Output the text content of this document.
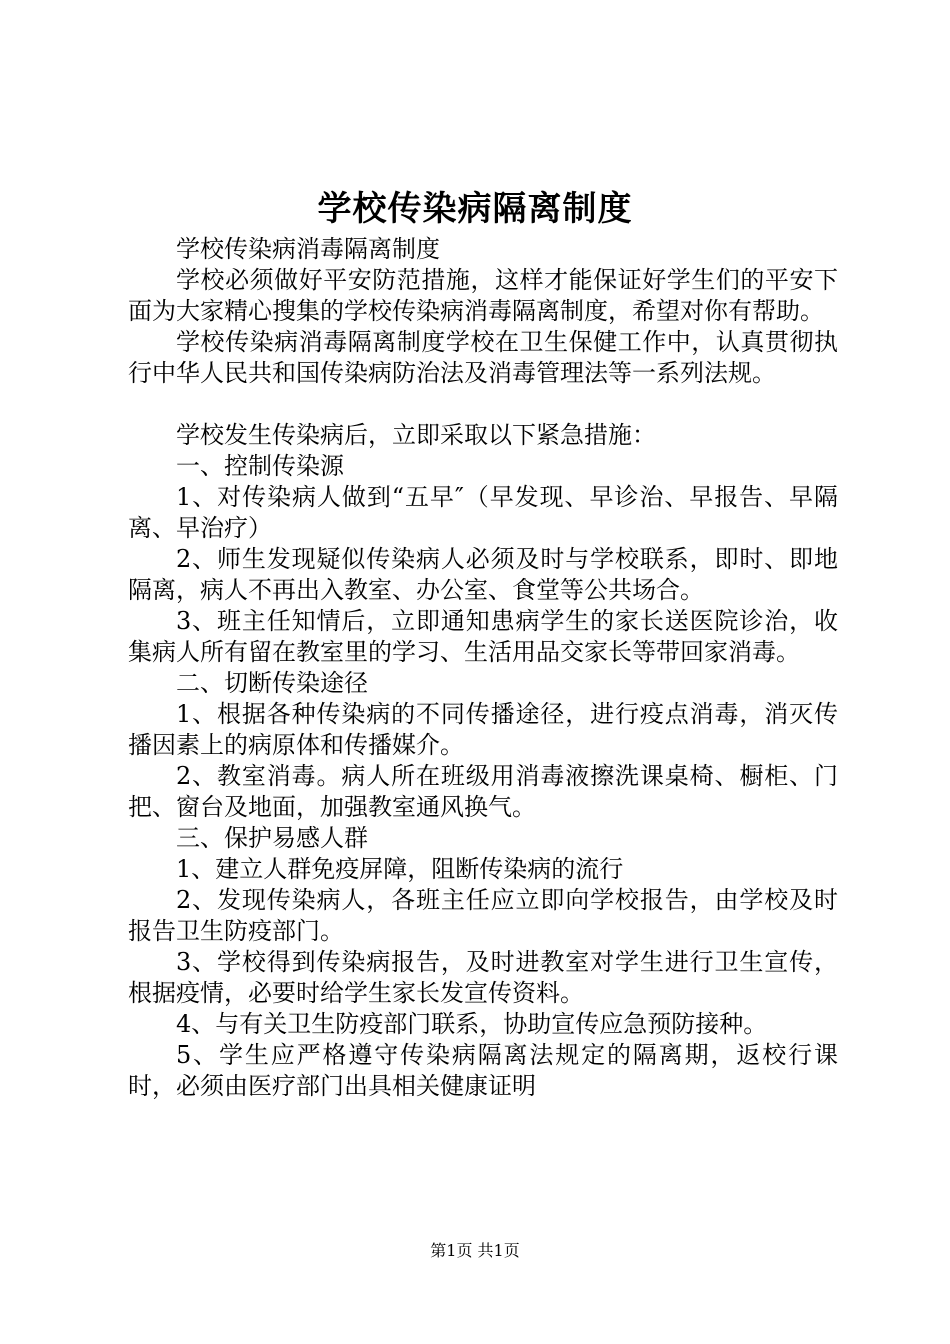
学校传染病隔离制度

学校传染病消毒隔离制度

学校必须做好平安防范措施，这样才能保证好学生们的平安下面为大家精心搜集的学校传染病消毒隔离制度，希望对你有帮助。

学校传染病消毒隔离制度学校在卫生保健工作中，认真贯彻执行中华人民共和国传染病防治法及消毒管理法等一系列法规。

学校发生传染病后，立即采取以下紧急措施：

一、控制传染源

1、对传染病人做到“五早″（早发现、早诊治、早报告、早隔离、早治疗）

2、师生发现疑似传染病人必须及时与学校联系，即时、即地隔离，病人不再出入教室、办公室、食堂等公共场合。

3、班主任知情后，立即通知患病学生的家长送医院诊治，收集病人所有留在教室里的学习、生活用品交家长等带回家消毒。

二、切断传染途径

1、根据各种传染病的不同传播途径，进行疫点消毒，消灭传播因素上的病原体和传播媒介。

2、教室消毒。病人所在班级用消毒液擦洗课桌椅、橱柜、门把、窗台及地面，加强教室通风换气。

三、保护易感人群

1、建立人群免疫屏障，阻断传染病的流行

2、发现传染病人，各班主任应立即向学校报告，由学校及时报告卫生防疫部门。

3、学校得到传染病报告，及时进教室对学生进行卫生宣传，根据疫情，必要时给学生家长发宣传资料。

4、与有关卫生防疫部门联系，协助宣传应急预防接种。

5、学生应严格遵守传染病隔离法规定的隔离期，返校行课时，必须由医疗部门出具相关健康证明

第1页 共1页
